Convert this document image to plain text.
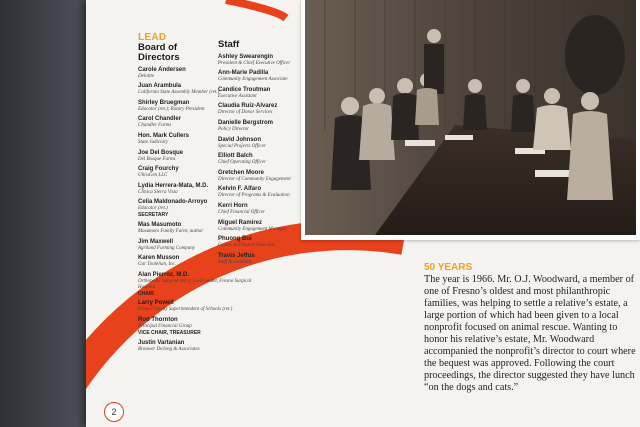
LEAD
Board of
Directors
Carole Andersen
Deloitte
Juan Arambula
California State Assembly Member (ret.)
Shirley Bruegman
Educator (ret.); Rotary President
Carol Chandler
Chandler Farms
Hon. Mark Cullers
State Judiciary
Joe Del Bosque
Del Bosque Farms
Craig Fourchy
UltraGen LLC
Lydia Herrera-Mata, M.D.
Clinica Sierra Vista
Celia Maldonado-Arroyo
Educator (ret.)
SECRETARY
Mas Masumoto
Masumoto Family Farm; author
Jim Maxwell
Agriland Farming Company
Karen Musson
Gar Tootelian, Inc.
Alan Pierroz, M.D.
Orthopedic Surgeon (ret.); Co-Founder, Fresno Surgical Hospital
CHAIR
Larry Powell
Fresno County Superintendent of Schools (ret.)
Rod Thornton
Principal Financial Group
VICE CHAIR, TREASURER
Justin Vartanian
Brouwer DeJong & Associates
Staff
Ashley Swearengin
President & Chief Executive Officer
Ann-Marie Padilla
Community Engagement Associate
Candice Troutman
Executive Assistant
Claudia Ruiz-Alvarez
Director of Donor Services
Danielle Bergstrom
Policy Director
David Johnson
Special Projects Officer
Elliott Balch
Chief Operating Officer
Gretchen Moore
Director of Community Engagement
Kelvin F. Alfaro
Director of Programs & Evaluation
Kerri Horn
Chief Financial Officer
Miguel Ramirez
Community Engagement Manager
Phuong Bui
Grants & Finance Associate
Travis Jeffus
Staff Accountant	50 YEARS
The year is 1966. Mr. O.J. Woodward, a member of one of Fresno’s oldest and most philanthropic families, was helping to settle a relative’s estate, a large portion of which had been given to a local nonprofit focused on animal rescue. Wanting to honor his relative’s estate, Mr. Woodward accompanied the nonprofit’s director to court where the bequest was approved. Following the court proceedings, the director suggested they have lunch “on the dogs and cats.”
2
